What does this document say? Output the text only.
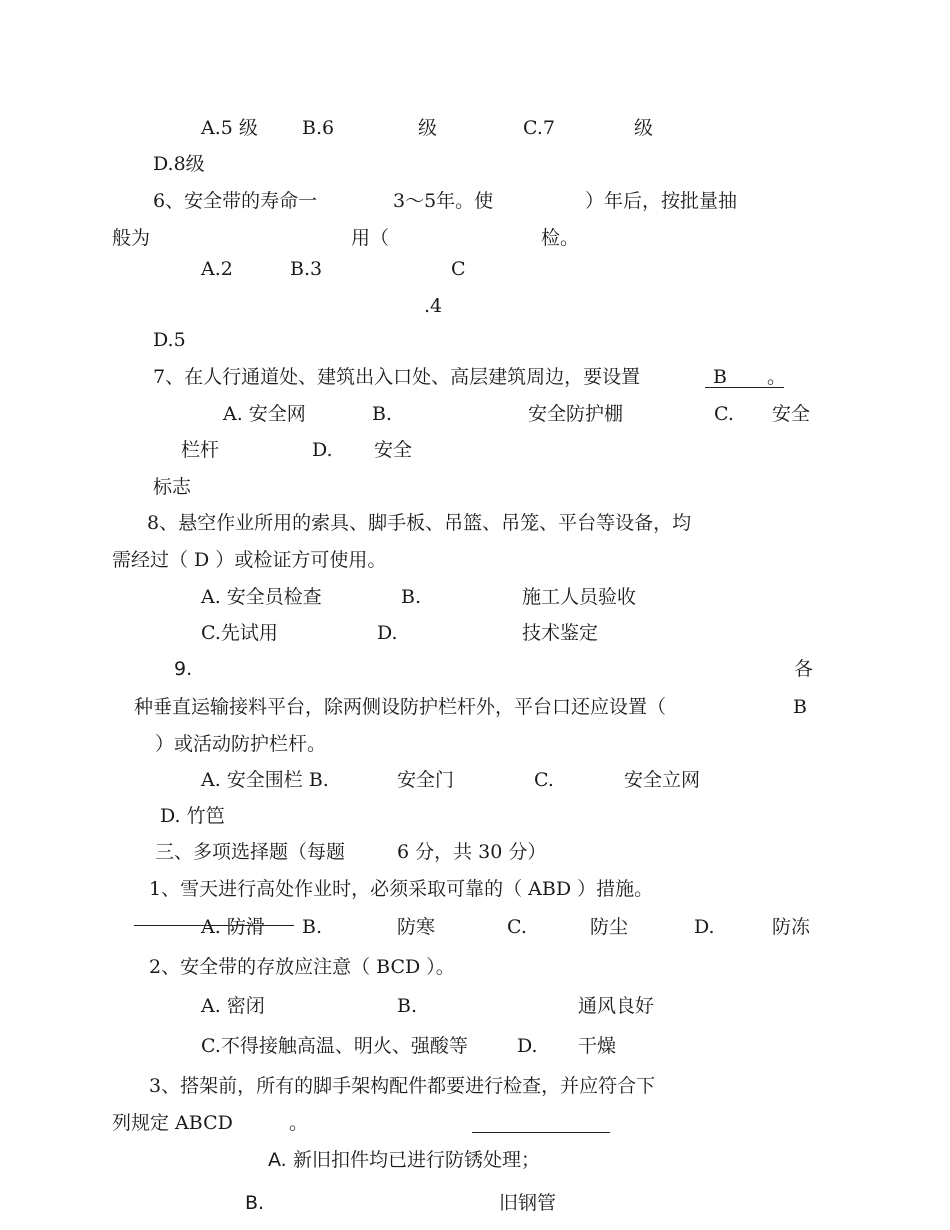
A.5 级 B.6	级	C.7	级
D.8级
6、安全带的寿命一	3～5年。使	）年后，按批量抽
般为	用（	检。
A.2	B.3	C
.4
D.5
7、在人行通道处、建筑出入口处、高层建筑周边，要设置	B 。
A. 安全网	B.	安全防护棚	C. 安全
栏杆	D. 安全
标志
8、悬空作业所用的索具、脚手板、吊篮、吊笼、平台等设备，均
需经过（ D ）或检证方可使用。
A. 安全员检查	B.	施工人员验收
C.先试用	D.	技术鉴定
9.	各
种垂直运输接料平台，除两侧设防护栏杆外，平台口还应设置（	B
）或活动防护栏杆。
A. 安全围栏 B.	安全门	C.	安全立网
D. 竹笆
三、多项选择题（每题	6 分，共 30 分）
1、雪天进行高处作业时，必须采取可靠的（ ABD ）措施。
A. 防滑 B.	防寒	C.	防尘	D.	防冻
2、安全带的存放应注意（ BCD ）。
A. 密闭	B.	通风良好
C.不得接触高温、明火、强酸等	D. 干燥
3、搭架前，所有的脚手架构配件都要进行检查，并应符合下
列规定 ABCD	。
A. 新旧扣件均已进行防锈处理；
B.	旧钢管
